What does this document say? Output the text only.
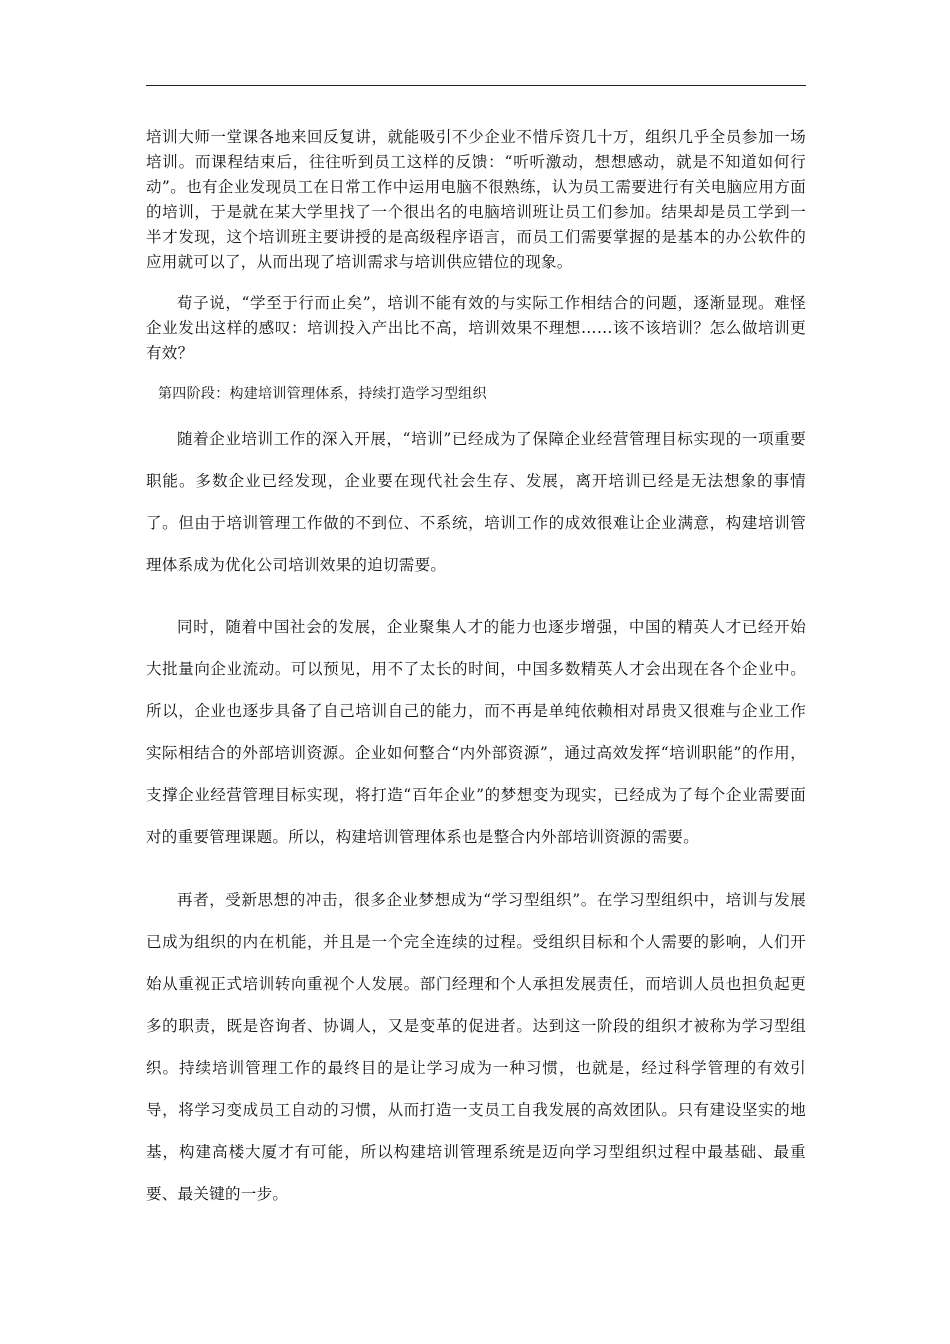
培训大师一堂课各地来回反复讲，就能吸引不少企业不惜斥资几十万，组织几乎全员参加一场培训。而课程结束后，往往听到员工这样的反馈：“听听激动，想想感动，就是不知道如何行动”。也有企业发现员工在日常工作中运用电脑不很熟练，认为员工需要进行有关电脑应用方面的培训，于是就在某大学里找了一个很出名的电脑培训班让员工们参加。结果却是员工学到一半才发现，这个培训班主要讲授的是高级程序语言，而员工们需要掌握的是基本的办公软件的应用就可以了，从而出现了培训需求与培训供应错位的现象。

荀子说，“学至于行而止矣”，培训不能有效的与实际工作相结合的问题，逐渐显现。难怪企业发出这样的感叹：培训投入产出比不高，培训效果不理想……该不该培训？怎么做培训更有效？

第四阶段：构建培训管理体系，持续打造学习型组织

随着企业培训工作的深入开展，“培训”已经成为了保障企业经营管理目标实现的一项重要职能。多数企业已经发现，企业要在现代社会生存、发展，离开培训已经是无法想象的事情了。但由于培训管理工作做的不到位、不系统，培训工作的成效很难让企业满意，构建培训管理体系成为优化公司培训效果的迫切需要。

同时，随着中国社会的发展，企业聚集人才的能力也逐步增强，中国的精英人才已经开始大批量向企业流动。可以预见，用不了太长的时间，中国多数精英人才会出现在各个企业中。所以，企业也逐步具备了自己培训自己的能力，而不再是单纯依赖相对昂贵又很难与企业工作实际相结合的外部培训资源。企业如何整合“内外部资源”，通过高效发挥“培训职能”的作用，支撑企业经营管理目标实现，将打造“百年企业”的梦想变为现实，已经成为了每个企业需要面对的重要管理课题。所以，构建培训管理体系也是整合内外部培训资源的需要。

再者，受新思想的冲击，很多企业梦想成为“学习型组织”。在学习型组织中，培训与发展已成为组织的内在机能，并且是一个完全连续的过程。受组织目标和个人需要的影响，人们开始从重视正式培训转向重视个人发展。部门经理和个人承担发展责任，而培训人员也担负起更多的职责，既是咨询者、协调人，又是变革的促进者。达到这一阶段的组织才被称为学习型组织。持续培训管理工作的最终目的是让学习成为一种习惯，也就是，经过科学管理的有效引导，将学习变成员工自动的习惯，从而打造一支员工自我发展的高效团队。只有建设坚实的地基，构建高楼大厦才有可能，所以构建培训管理系统是迈向学习型组织过程中最基础、最重要、最关键的一步。
